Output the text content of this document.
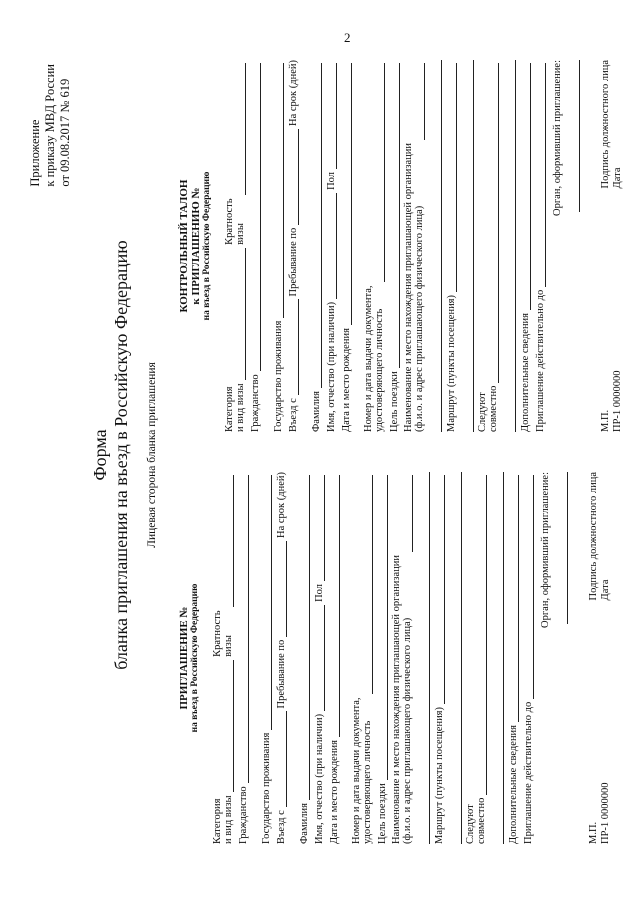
2
Приложение к приказу МВД России от 09.08.2017 № 619
Форма бланка приглашения на въезд в Российскую Федерацию Лицевая сторона бланка приглашения
ПРИГЛАШЕНИЕ № на въезд в Российскую Федерацию
Категория
и вид визы
Кратность
визы
Гражданство Государство проживания Въезд с
Пребывание по
На срок (дней)
Фамилия Имя, отчество (при наличии)
Пол
Дата и место рождения Номер и дата выдачи документа,
удостоверяющего личность Цель поездки Наименование и место нахождения приглашающей организации
(ф.и.о. и адрес приглашающего физического лица) Маршрут (пункты посещения) Следуют
совместно Дополнительные сведения Приглашение действительно до
Орган, оформивший приглашение:
М.П. ПР-1 0000000
Подпись должностного лица Дата
КОНТРОЛЬНЫЙ ТАЛОН к ПРИГЛАШЕНИЮ № на въезд в Российскую Федерацию
Категория
и вид визы
Кратность
визы
Гражданство Государство проживания Въезд с
Пребывание по
На срок (дней)
Фамилия Имя, отчество (при наличии)
Пол
Дата и место рождения Номер и дата выдачи документа,
удостоверяющего личность Цель поездки Наименование и место нахождения приглашающей организации
(ф.и.о. и адрес приглашающего физического лица) Маршрут (пункты посещения) Следуют
совместно Дополнительные сведения Приглашение действительно до
Орган, оформивший приглашение:
М.П. ПР-1 0000000
Подпись должностного лица Дата
